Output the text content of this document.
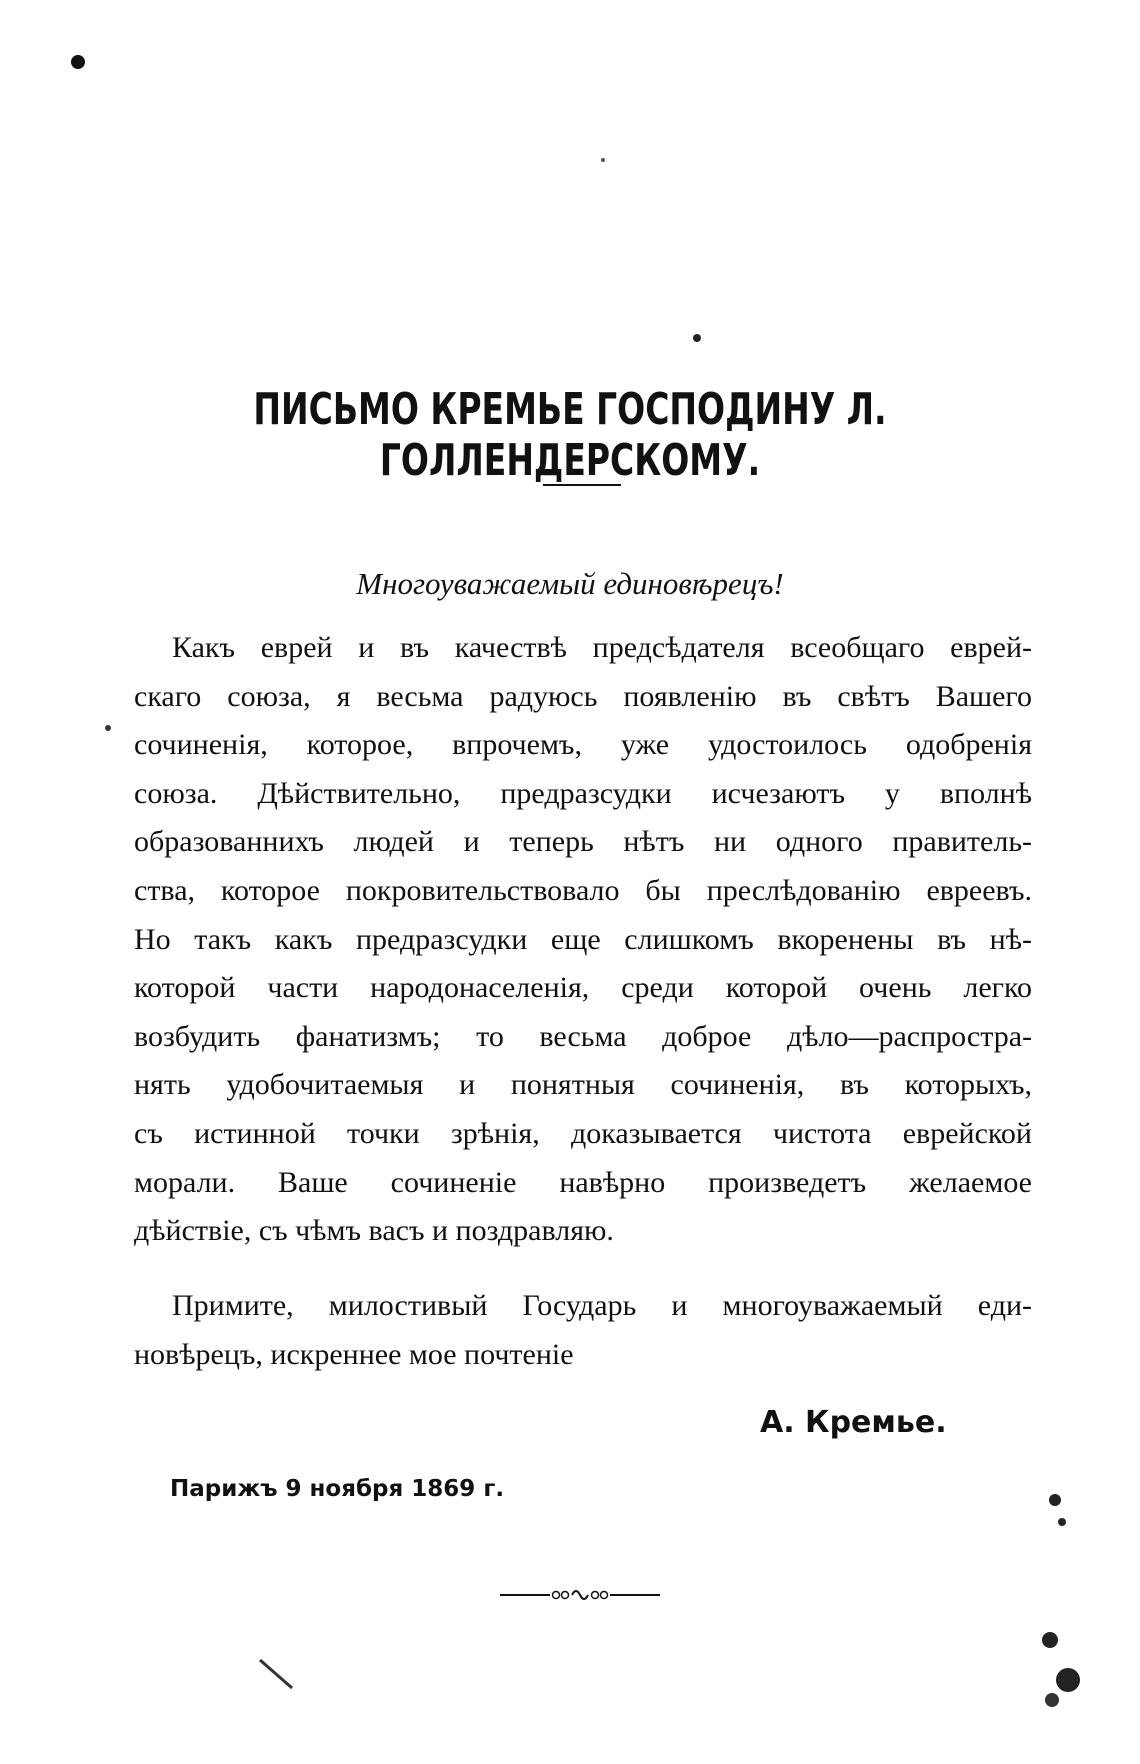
ПИСЬМО КРЕМЬЕ ГОСПОДИНУ Л. ГОЛЛЕНДЕРСКОМУ.

Многоуважаемый единовѣрецъ!

Какъ еврей и въ качествѣ предсѣдателя всеобщаго еврей-
скаго союза, я весьма радуюсь появленію въ свѣтъ Вашего
сочиненія, которое, впрочемъ, уже удостоилось одобренія
союза. Дѣйствительно, предразсудки исчезаютъ у вполнѣ
образованнихъ людей и теперь нѣтъ ни одного правитель-
ства, которое покровительствовало бы преслѣдованію евреевъ.
Но такъ какъ предразсудки еще слишкомъ вкоренены въ нѣ-
которой части народонаселенія, среди которой очень легко
возбудить фанатизмъ; то весьма доброе дѣло—распростра-
нять удобочитаемыя и понятныя сочиненія, въ которыхъ,
съ истинной точки зрѣнія, доказывается чистота еврейской
морали. Ваше сочиненіе навѣрно произведетъ желаемое
дѣйствіе, съ чѣмъ васъ и поздравляю.
Примите, милостивый Государь и многоуважаемый еди-
новѣрецъ, искреннее мое почтеніе

А. Кремье.

Парижъ 9 ноября 1869 г.
